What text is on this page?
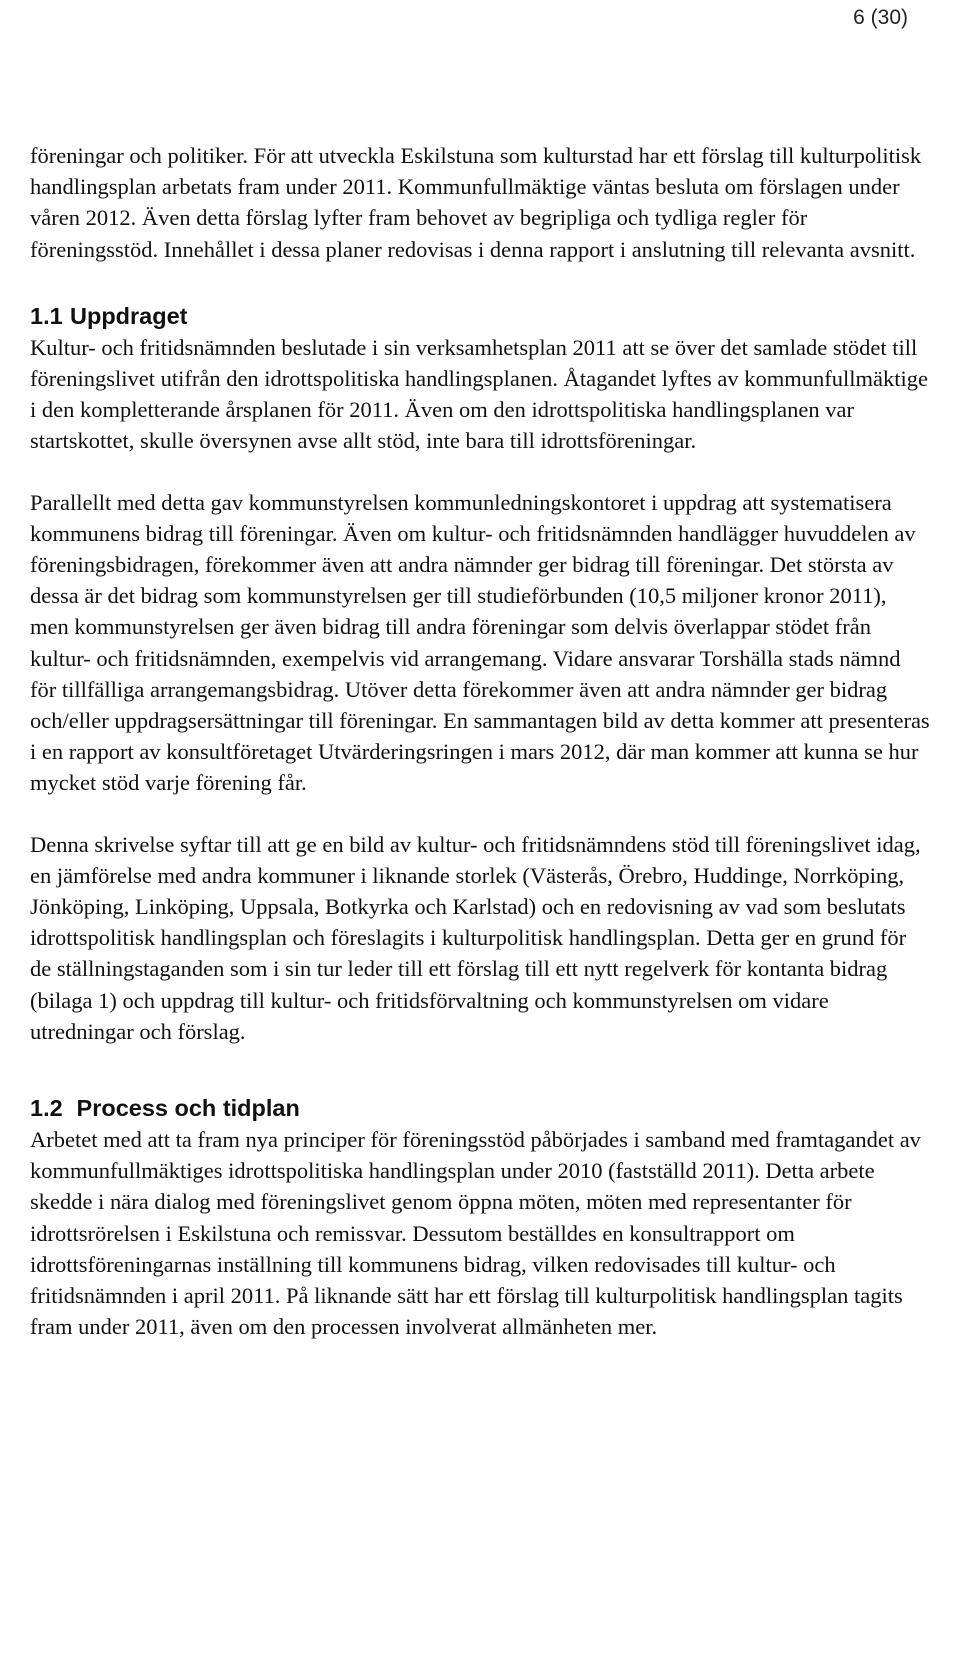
6 (30)

föreningar och politiker. För att utveckla Eskilstuna som kulturstad har ett förslag till kulturpolitisk handlingsplan arbetats fram under 2011. Kommunfullmäktige väntas besluta om förslagen under våren 2012. Även detta förslag lyfter fram behovet av begripliga och tydliga regler för föreningsstöd. Innehållet i dessa planer redovisas i denna rapport i anslutning till relevanta avsnitt.

1.1 Uppdraget

Kultur- och fritidsnämnden beslutade i sin verksamhetsplan 2011 att se över det samlade stödet till föreningslivet utifrån den idrottspolitiska handlingsplanen. Åtagandet lyftes av kommunfullmäktige i den kompletterande årsplanen för 2011. Även om den idrottspolitiska handlingsplanen var startskottet, skulle översynen avse allt stöd, inte bara till idrottsföreningar.

Parallellt med detta gav kommunstyrelsen kommunledningskontoret i uppdrag att systematisera kommunens bidrag till föreningar. Även om kultur- och fritidsnämnden handlägger huvuddelen av föreningsbidragen, förekommer även att andra nämnder ger bidrag till föreningar. Det största av dessa är det bidrag som kommunstyrelsen ger till studieförbunden (10,5 miljoner kronor 2011), men kommunstyrelsen ger även bidrag till andra föreningar som delvis överlappar stödet från kultur- och fritidsnämnden, exempelvis vid arrangemang. Vidare ansvarar Torshälla stads nämnd för tillfälliga arrangemangsbidrag. Utöver detta förekommer även att andra nämnder ger bidrag och/eller uppdragsersättningar till föreningar. En sammantagen bild av detta kommer att presenteras i en rapport av konsultföretaget Utvärderingsringen i mars 2012, där man kommer att kunna se hur mycket stöd varje förening får.

Denna skrivelse syftar till att ge en bild av kultur- och fritidsnämndens stöd till föreningslivet idag, en jämförelse med andra kommuner i liknande storlek (Västerås, Örebro, Huddinge, Norrköping, Jönköping, Linköping, Uppsala, Botkyrka och Karlstad) och en redovisning av vad som beslutats idrottspolitisk handlingsplan och föreslagits i kulturpolitisk handlingsplan. Detta ger en grund för de ställningstaganden som i sin tur leder till ett förslag till ett nytt regelverk för kontanta bidrag (bilaga 1) och uppdrag till kultur- och fritidsförvaltning och kommunstyrelsen om vidare utredningar och förslag.

1.2 Process och tidplan

Arbetet med att ta fram nya principer för föreningsstöd påbörjades i samband med framtagandet av kommunfullmäktiges idrottspolitiska handlingsplan under 2010 (fastställd 2011). Detta arbete skedde i nära dialog med föreningslivet genom öppna möten, möten med representanter för idrottsrörelsen i Eskilstuna och remissvar. Dessutom beställdes en konsultrapport om idrottsföreningarnas inställning till kommunens bidrag, vilken redovisades till kultur- och fritidsnämnden i april 2011. På liknande sätt har ett förslag till kulturpolitisk handlingsplan tagits fram under 2011, även om den processen involverat allmänheten mer.
